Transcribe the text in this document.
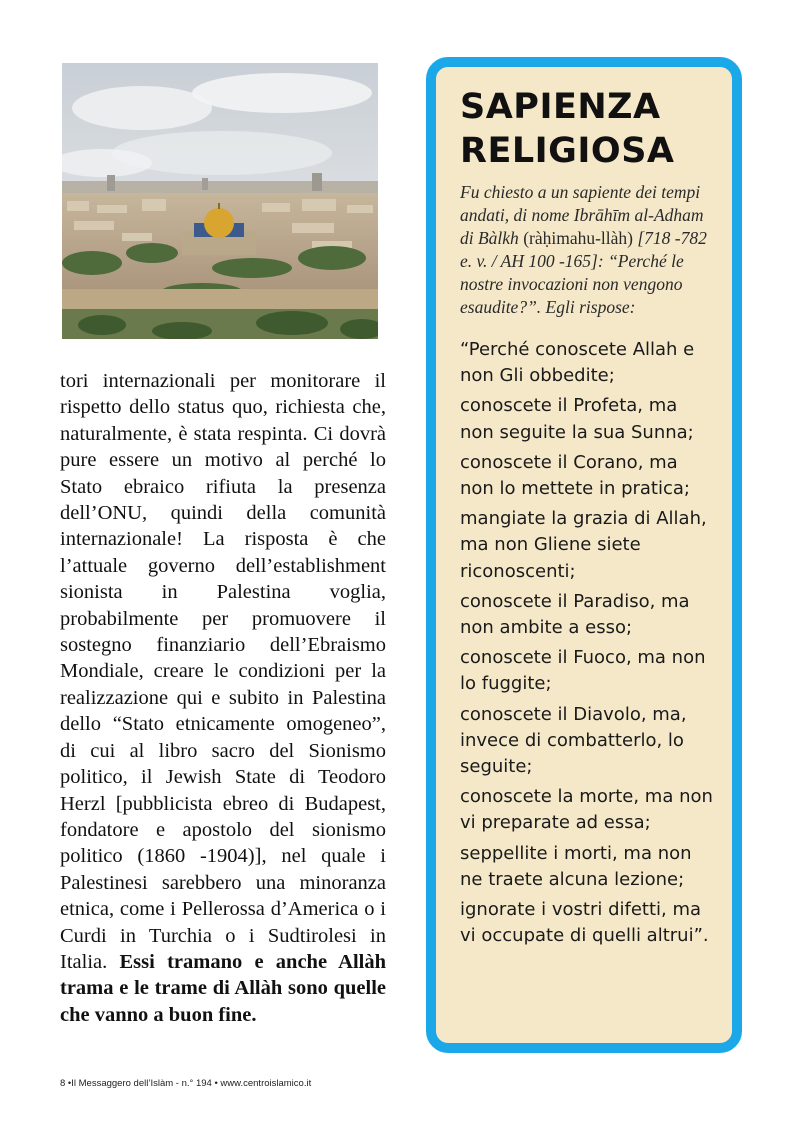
tori internazionali per monitorare il rispetto dello status quo, richiesta che, naturalmente, è stata respinta. Ci dovrà pure essere un motivo al perché lo Stato ebraico rifiuta la presenza dell’ONU, quindi della comunità internazionale! La risposta è che l’attuale governo dell’establishment sionista in Palestina voglia, probabilmente per promuovere il sostegno finanziario dell’Ebraismo Mondiale, creare le condizioni per la realizzazione qui e subito in Palestina dello “Stato etnicamente omogeneo”, di cui al libro sacro del Sionismo politico, il Jewish State di Teodoro Herzl [pubblicista ebreo di Budapest, fondatore e apostolo del sionismo politico (1860 -1904)], nel quale i Palestinesi sarebbero una minoranza etnica, come i Pellerossa d’America o i Curdi in Turchia o i Sudtirolesi in Italia. Essi tramano e anche Allàh trama e le trame di Allàh sono quelle che vanno a buon fine.
SAPIENZA
RELIGIOSA
Fu chiesto a un sapiente dei tempi andati, di nome Ibrāhīm al-Adham di Bàlkh (ràḥimahu-llàh) [718 -782 e. v. / AH 100 -165]: “Perché le nostre invocazioni non vengono esaudite?”. Egli rispose:
“Perché conoscete Allah e non Gli obbedite;
conoscete il Profeta, ma non seguite la sua Sunna;
conoscete il Corano, ma non lo mettete in pratica;
mangiate la grazia di Allah, ma non Gliene siete riconoscenti;
conoscete il Paradiso, ma non ambite a esso;
conoscete il Fuoco, ma non lo fuggite;
conoscete il Diavolo, ma, invece di combatterlo, lo seguite;
conoscete la morte, ma non vi preparate ad essa;
seppellite i morti, ma non ne traete alcuna lezione;
ignorate i vostri difetti, ma vi occupate di quelli altrui”.
8 •Il Messaggero dell’Islàm - n.° 194 • www.centroislamico.it
